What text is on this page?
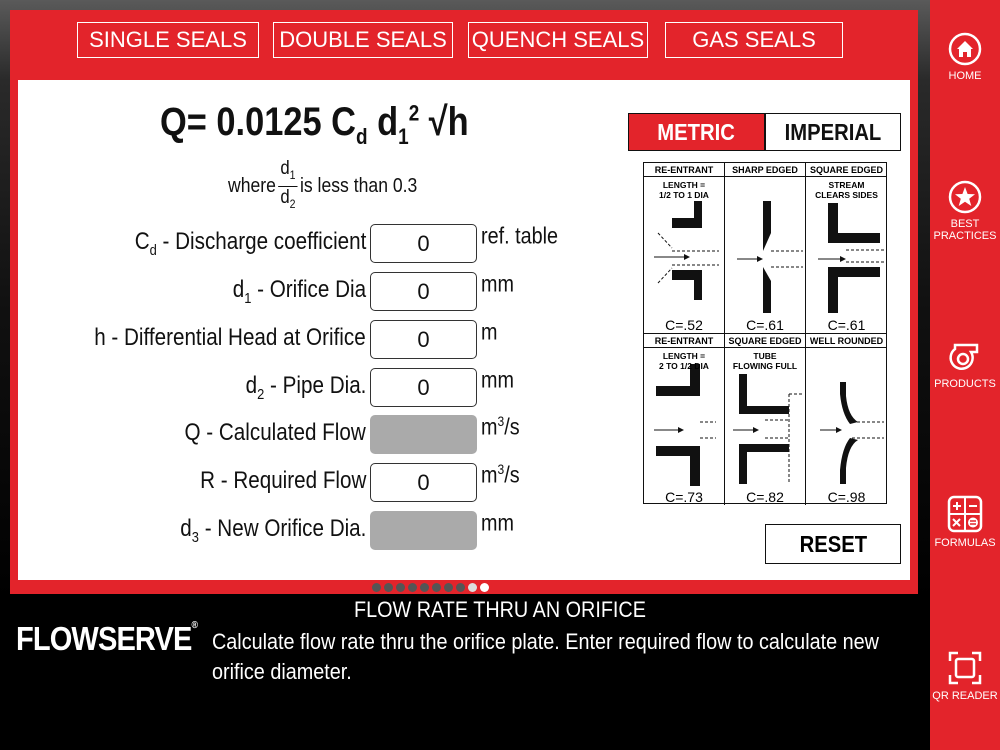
SINGLE SEALS	DOUBLE SEALS QUENCH SEALS	GAS SEALS
Q= 0.0125 $C_d$ $d_1^2$ √h
where $\frac{d_1}{d_2}$ is less than 0.3
$C_d$ - Discharge coefficient	0	ref. table
$d_1$ - Orifice Dia	0	mm
h - Differential Head at Orifice	0	m
$d_2$ - Pipe Dia.	0	mm
Q - Calculated Flow	$m^3/s$
R - Required Flow	0	$m^3/s$
$d_3$ - New Orifice Dia.	mm
METRIC IMPERIAL
RE-ENTRANT
LENGTH =
1/2 TO 1 DIA
C=.52
SHARP EDGED
C=.61
SQUARE EDGED
STREAM
CLEARS SIDES
C=.61
RE-ENTRANT
LENGTH =
2 TO 1/2 DIA
C=.73
SQUARE EDGED
TUBE
FLOWING FULL
C=.82
WELL ROUNDED
C=.98
RESET
FLOWSERVE®
FLOW RATE THRU AN ORIFICE
Calculate flow rate thru the orifice plate. Enter required flow to calculate new orifice diameter.
HOME
BEST
PRACTICES
PRODUCTS
FORMULAS
QR READER
